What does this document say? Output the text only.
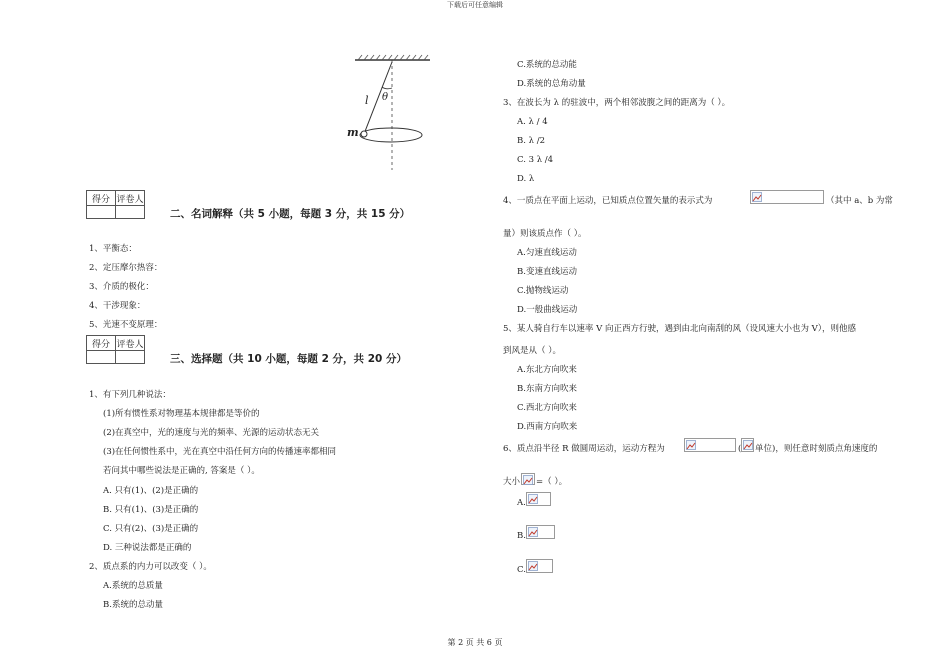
下载后可任意编辑
l θ
m
得分	评卷人

二、名词解释（共 5 小题，每题 3 分，共 15 分）
1、平衡态：
2、定压摩尔热容：
3、介质的极化：
4、干涉现象：
5、光速不变原理：
得分	评卷人

三、选择题（共 10 小题，每题 2 分，共 20 分）
1、有下列几种说法：
(1)所有惯性系对物理基本规律都是等价的
(2)在真空中，光的速度与光的频率、光源的运动状态无关
(3)在任何惯性系中，光在真空中沿任何方向的传播速率都相同
若问其中哪些说法是正确的, 答案是（ ）。
A. 只有(1)、(2)是正确的
B. 只有(1)、(3)是正确的
C. 只有(2)、(3)是正确的
D. 三种说法都是正确的
2、质点系的内力可以改变（ ）。
A.系统的总质量
B.系统的总动量
C.系统的总动能
D.系统的总角动量
3、在波长为 λ 的驻波中，两个相邻波腹之间的距离为（ ）。
A. λ / 4
B. λ /2
C. 3 λ /4
D. λ
4、一质点在平面上运动，已知质点位置矢量的表示式为	（其中 a、b 为常
量）则该质点作（ ）。
A.匀速直线运动
B.变速直线运动
C.抛物线运动
D.一般曲线运动
5、某人骑自行车以速率 V 向正西方行驶，遇到由北向南刮的风（设风速大小也为 V），则他感
到风是从（ ）。
A.东北方向吹来
B.东南方向吹来
C.西北方向吹来
D.西南方向吹来
6、质点沿半径 R 做圆周运动，运动方程为	( 单位)，则任意时刻质点角速度的
大小 =（ ）。
A.
B.
C.
第 2 页 共 6 页
